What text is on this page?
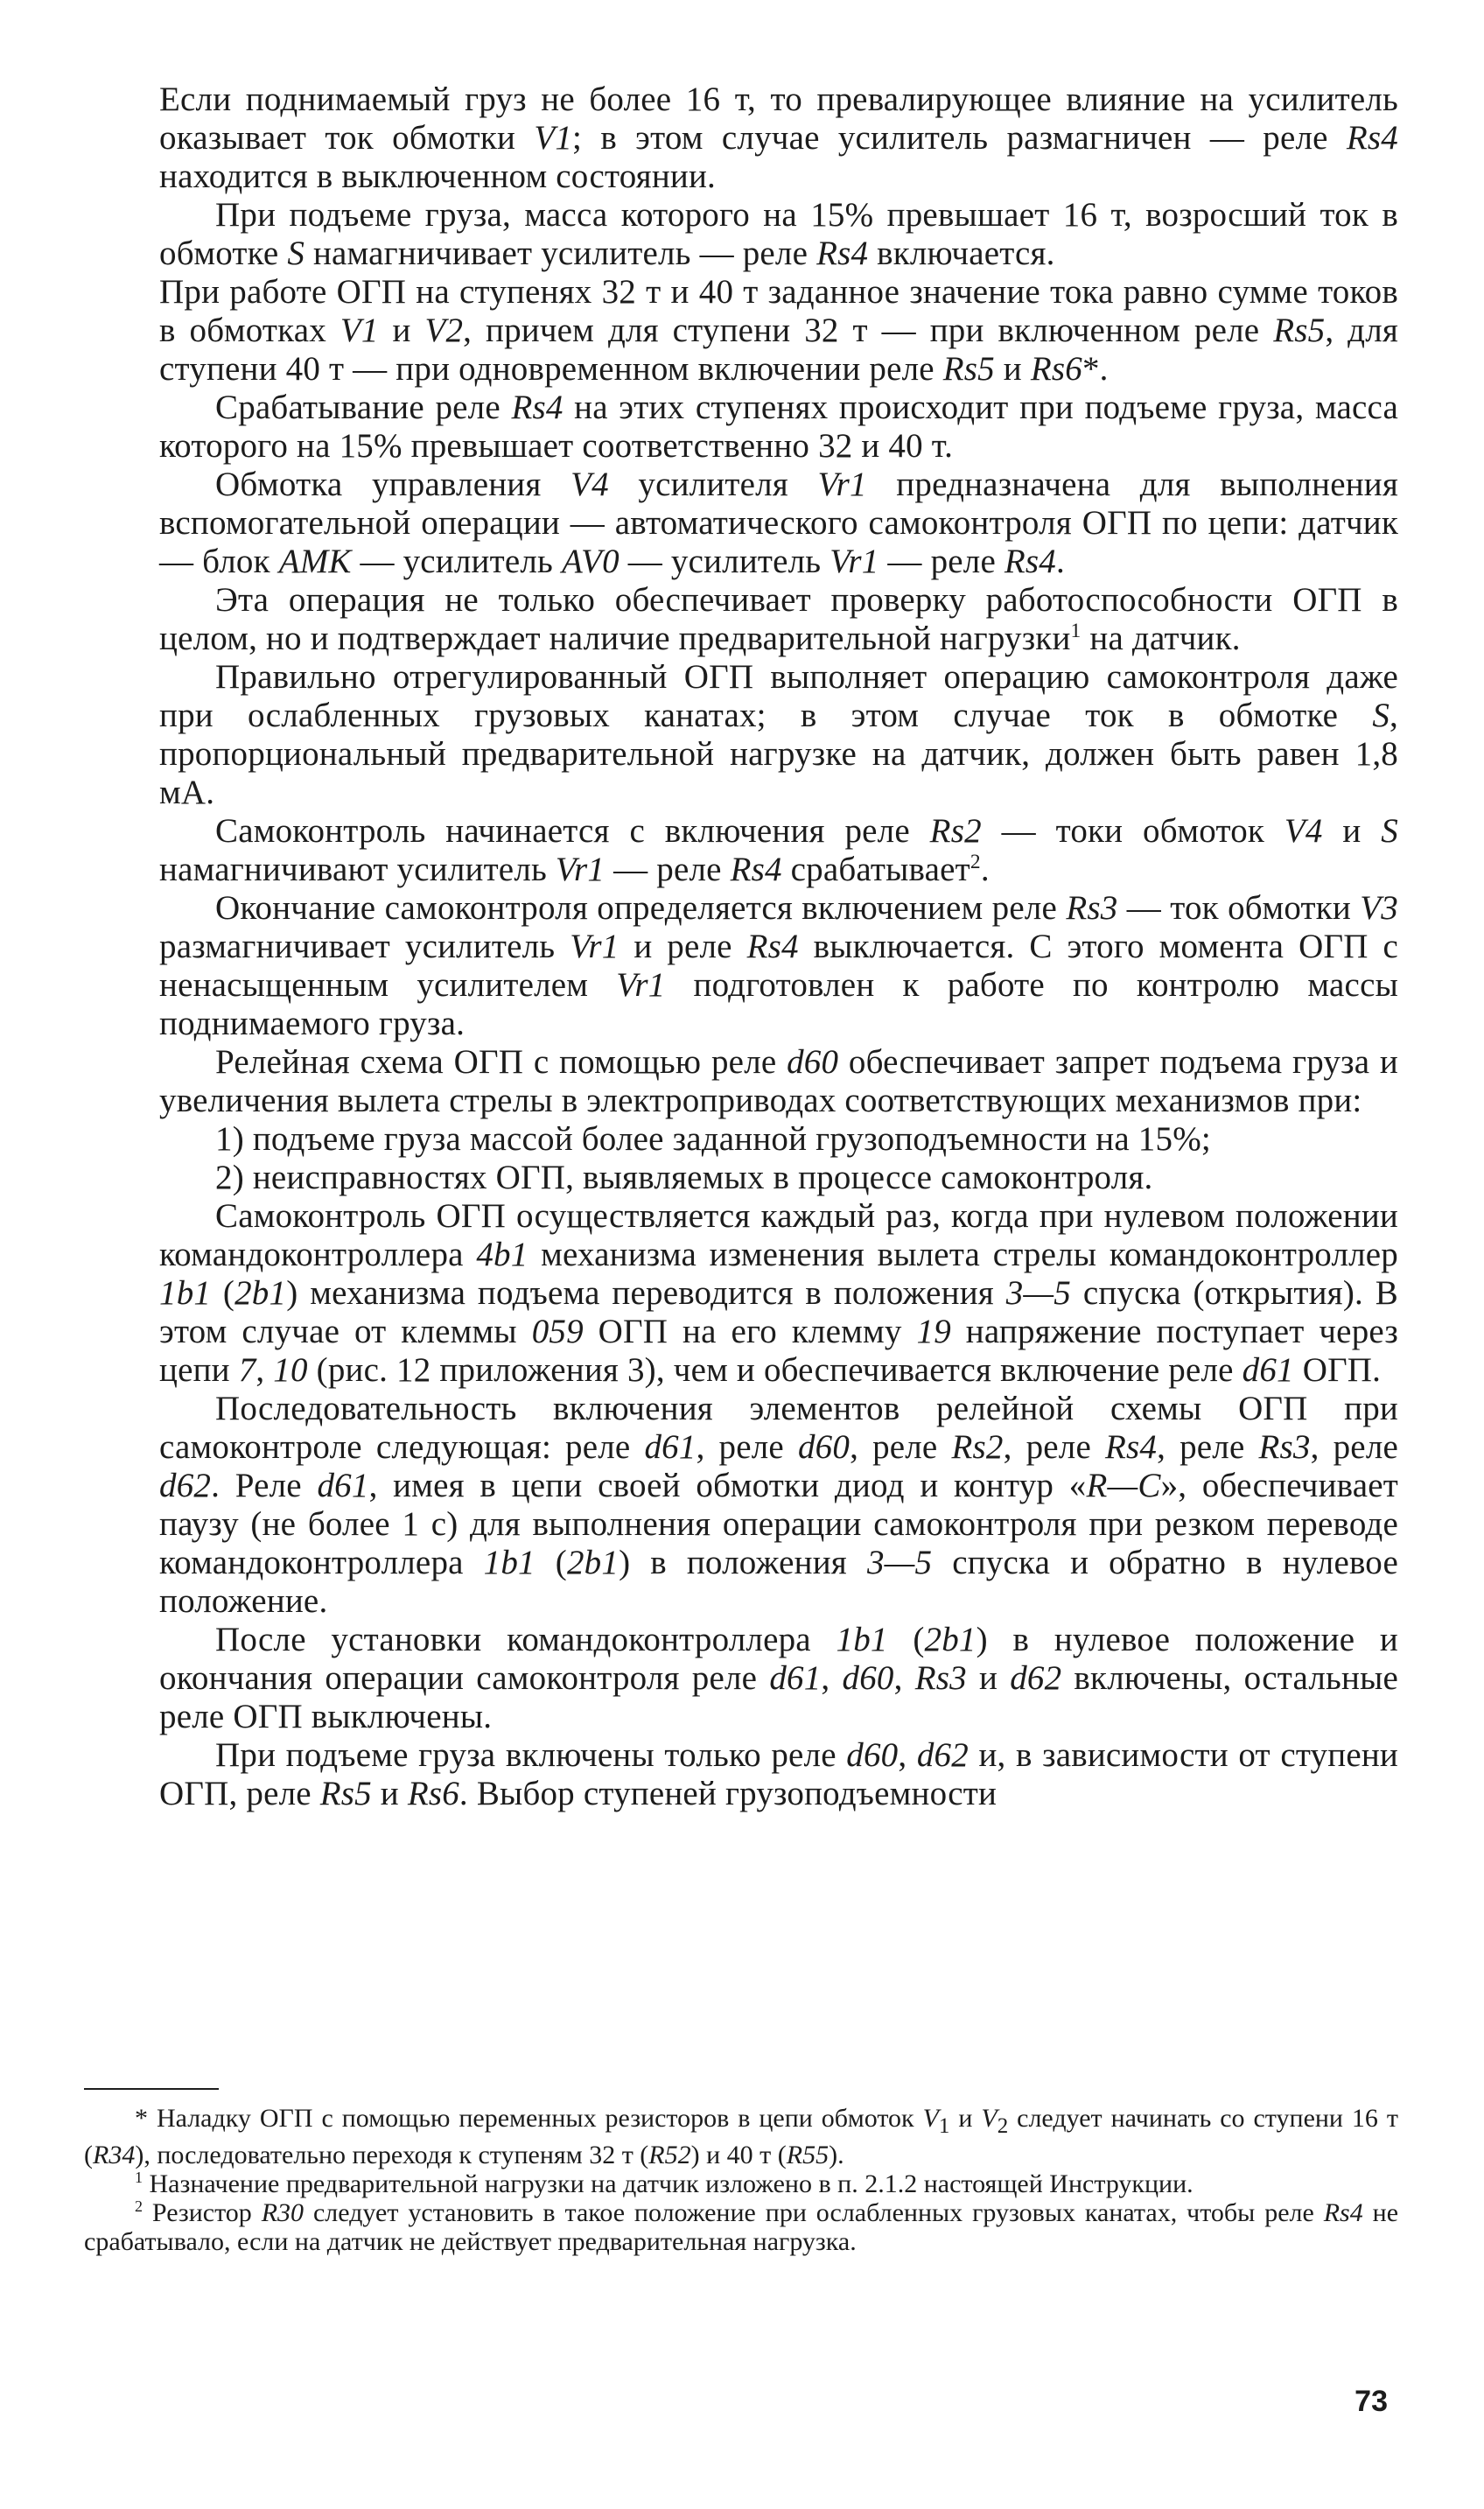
Если поднимаемый груз не более 16 т, то превалирующее влияние на усилитель оказывает ток обмотки V1; в этом случае усилитель размагничен — реле Rs4 находится в выключенном состоянии.

При подъеме груза, масса которого на 15% превышает 16 т, возросший ток в обмотке S намагничивает усилитель — реле Rs4 включается.

При работе ОГП на ступенях 32 т и 40 т заданное значение тока равно сумме токов в обмотках V1 и V2, причем для ступени 32 т — при включенном реле Rs5, для ступени 40 т — при одновременном включении реле Rs5 и Rs6*.

Срабатывание реле Rs4 на этих ступенях происходит при подъеме груза, масса которого на 15% превышает соответственно 32 и 40 т.

Обмотка управления V4 усилителя Vr1 предназначена для выполнения вспомогательной операции — автоматического самоконтроля ОГП по цепи: датчик — блок АМК — усилитель AV0 — усилитель Vr1 — реле Rs4.

Эта операция не только обеспечивает проверку работоспособности ОГП в целом, но и подтверждает наличие предварительной нагрузки$^1$ на датчик.

Правильно отрегулированный ОГП выполняет операцию самоконтроля даже при ослабленных грузовых канатах; в этом случае ток в обмотке S, пропорциональный предварительной нагрузке на датчик, должен быть равен 1,8 мА.

Самоконтроль начинается с включения реле Rs2 — токи обмоток V4 и S намагничивают усилитель Vr1 — реле Rs4 срабатывает$^2$.

Окончание самоконтроля определяется включением реле Rs3 — ток обмотки V3 размагничивает усилитель Vr1 и реле Rs4 выключается. С этого момента ОГП с ненасыщенным усилителем Vr1 подготовлен к работе по контролю массы поднимаемого груза.

Релейная схема ОГП с помощью реле d60 обеспечивает запрет подъема груза и увеличения вылета стрелы в электроприводах соответствующих механизмов при:

1) подъеме груза массой более заданной грузоподъемности на 15%;

2) неисправностях ОГП, выявляемых в процессе самоконтроля.

Самоконтроль ОГП осуществляется каждый раз, когда при нулевом положении командоконтроллера 4b1 механизма изменения вылета стрелы командоконтроллер 1b1 (2b1) механизма подъема переводится в положения 3—5 спуска (открытия). В этом случае от клеммы 059 ОГП на его клемму 19 напряжение поступает через цепи 7, 10 (рис. 12 приложения 3), чем и обеспечивается включение реле d61 ОГП.

Последовательность включения элементов релейной схемы ОГП при самоконтроле следующая: реле d61, реле d60, реле Rs2, реле Rs4, реле Rs3, реле d62. Реле d61, имея в цепи своей обмотки диод и контур «R—C», обеспечивает паузу (не более 1 с) для выполнения операции самоконтроля при резком переводе командоконтроллера 1b1 (2b1) в положения 3—5 спуска и обратно в нулевое положение.

После установки командоконтроллера 1b1 (2b1) в нулевое положение и окончания операции самоконтроля реле d61, d60, Rs3 и d62 включены, остальные реле ОГП выключены.

При подъеме груза включены только реле d60, d62 и, в зависимости от ступени ОГП, реле Rs5 и Rs6. Выбор ступеней грузоподъемности

* Наладку ОГП с помощью переменных резисторов в цепи обмоток $V_1$ и $V_2$ следует начинать со ступени 16 т (R34), последовательно переходя к ступеням 32 т (R52) и 40 т (R55).

$^1$ Назначение предварительной нагрузки на датчик изложено в п. 2.1.2 настоящей Инструкции.

$^2$ Резистор R30 следует установить в такое положение при ослабленных грузовых канатах, чтобы реле Rs4 не срабатывало, если на датчик не действует предварительная нагрузка.

73
